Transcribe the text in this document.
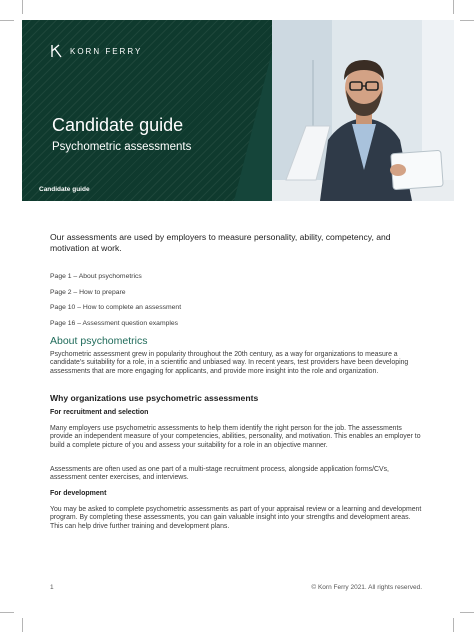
KORN FERRY
Candidate guide
Psychometric assessments
Candidate guide
Our assessments are used by employers to measure personality, ability, competency, and motivation at work.
Page 1 – About psychometrics
Page 2 – How to prepare
Page 10 – How to complete an assessment
Page 16 – Assessment question examples
About psychometrics
Psychometric assessment grew in popularity throughout the 20th century, as a way for organizations to measure a candidate’s suitability for a role, in a scientific and unbiased way. In recent years, test providers have been developing assessments that are more engaging for applicants, and provide more insight into the role and organization.
Why organizations use psychometric assessments
For recruitment and selection
Many employers use psychometric assessments to help them identify the right person for the job. The assessments provide an independent measure of your competencies, abilities, personality, and motivation. This enables an employer to build a complete picture of you and assess your suitability for a role in an objective manner.
Assessments are often used as one part of a multi-stage recruitment process, alongside application forms/CVs, assessment center exercises, and interviews.
For development
You may be asked to complete psychometric assessments as part of your appraisal review or a learning and development program. By completing these assessments, you can gain valuable insight into your strengths and development areas. This can help drive further training and development plans.
1	© Korn Ferry 2021. All rights reserved.
